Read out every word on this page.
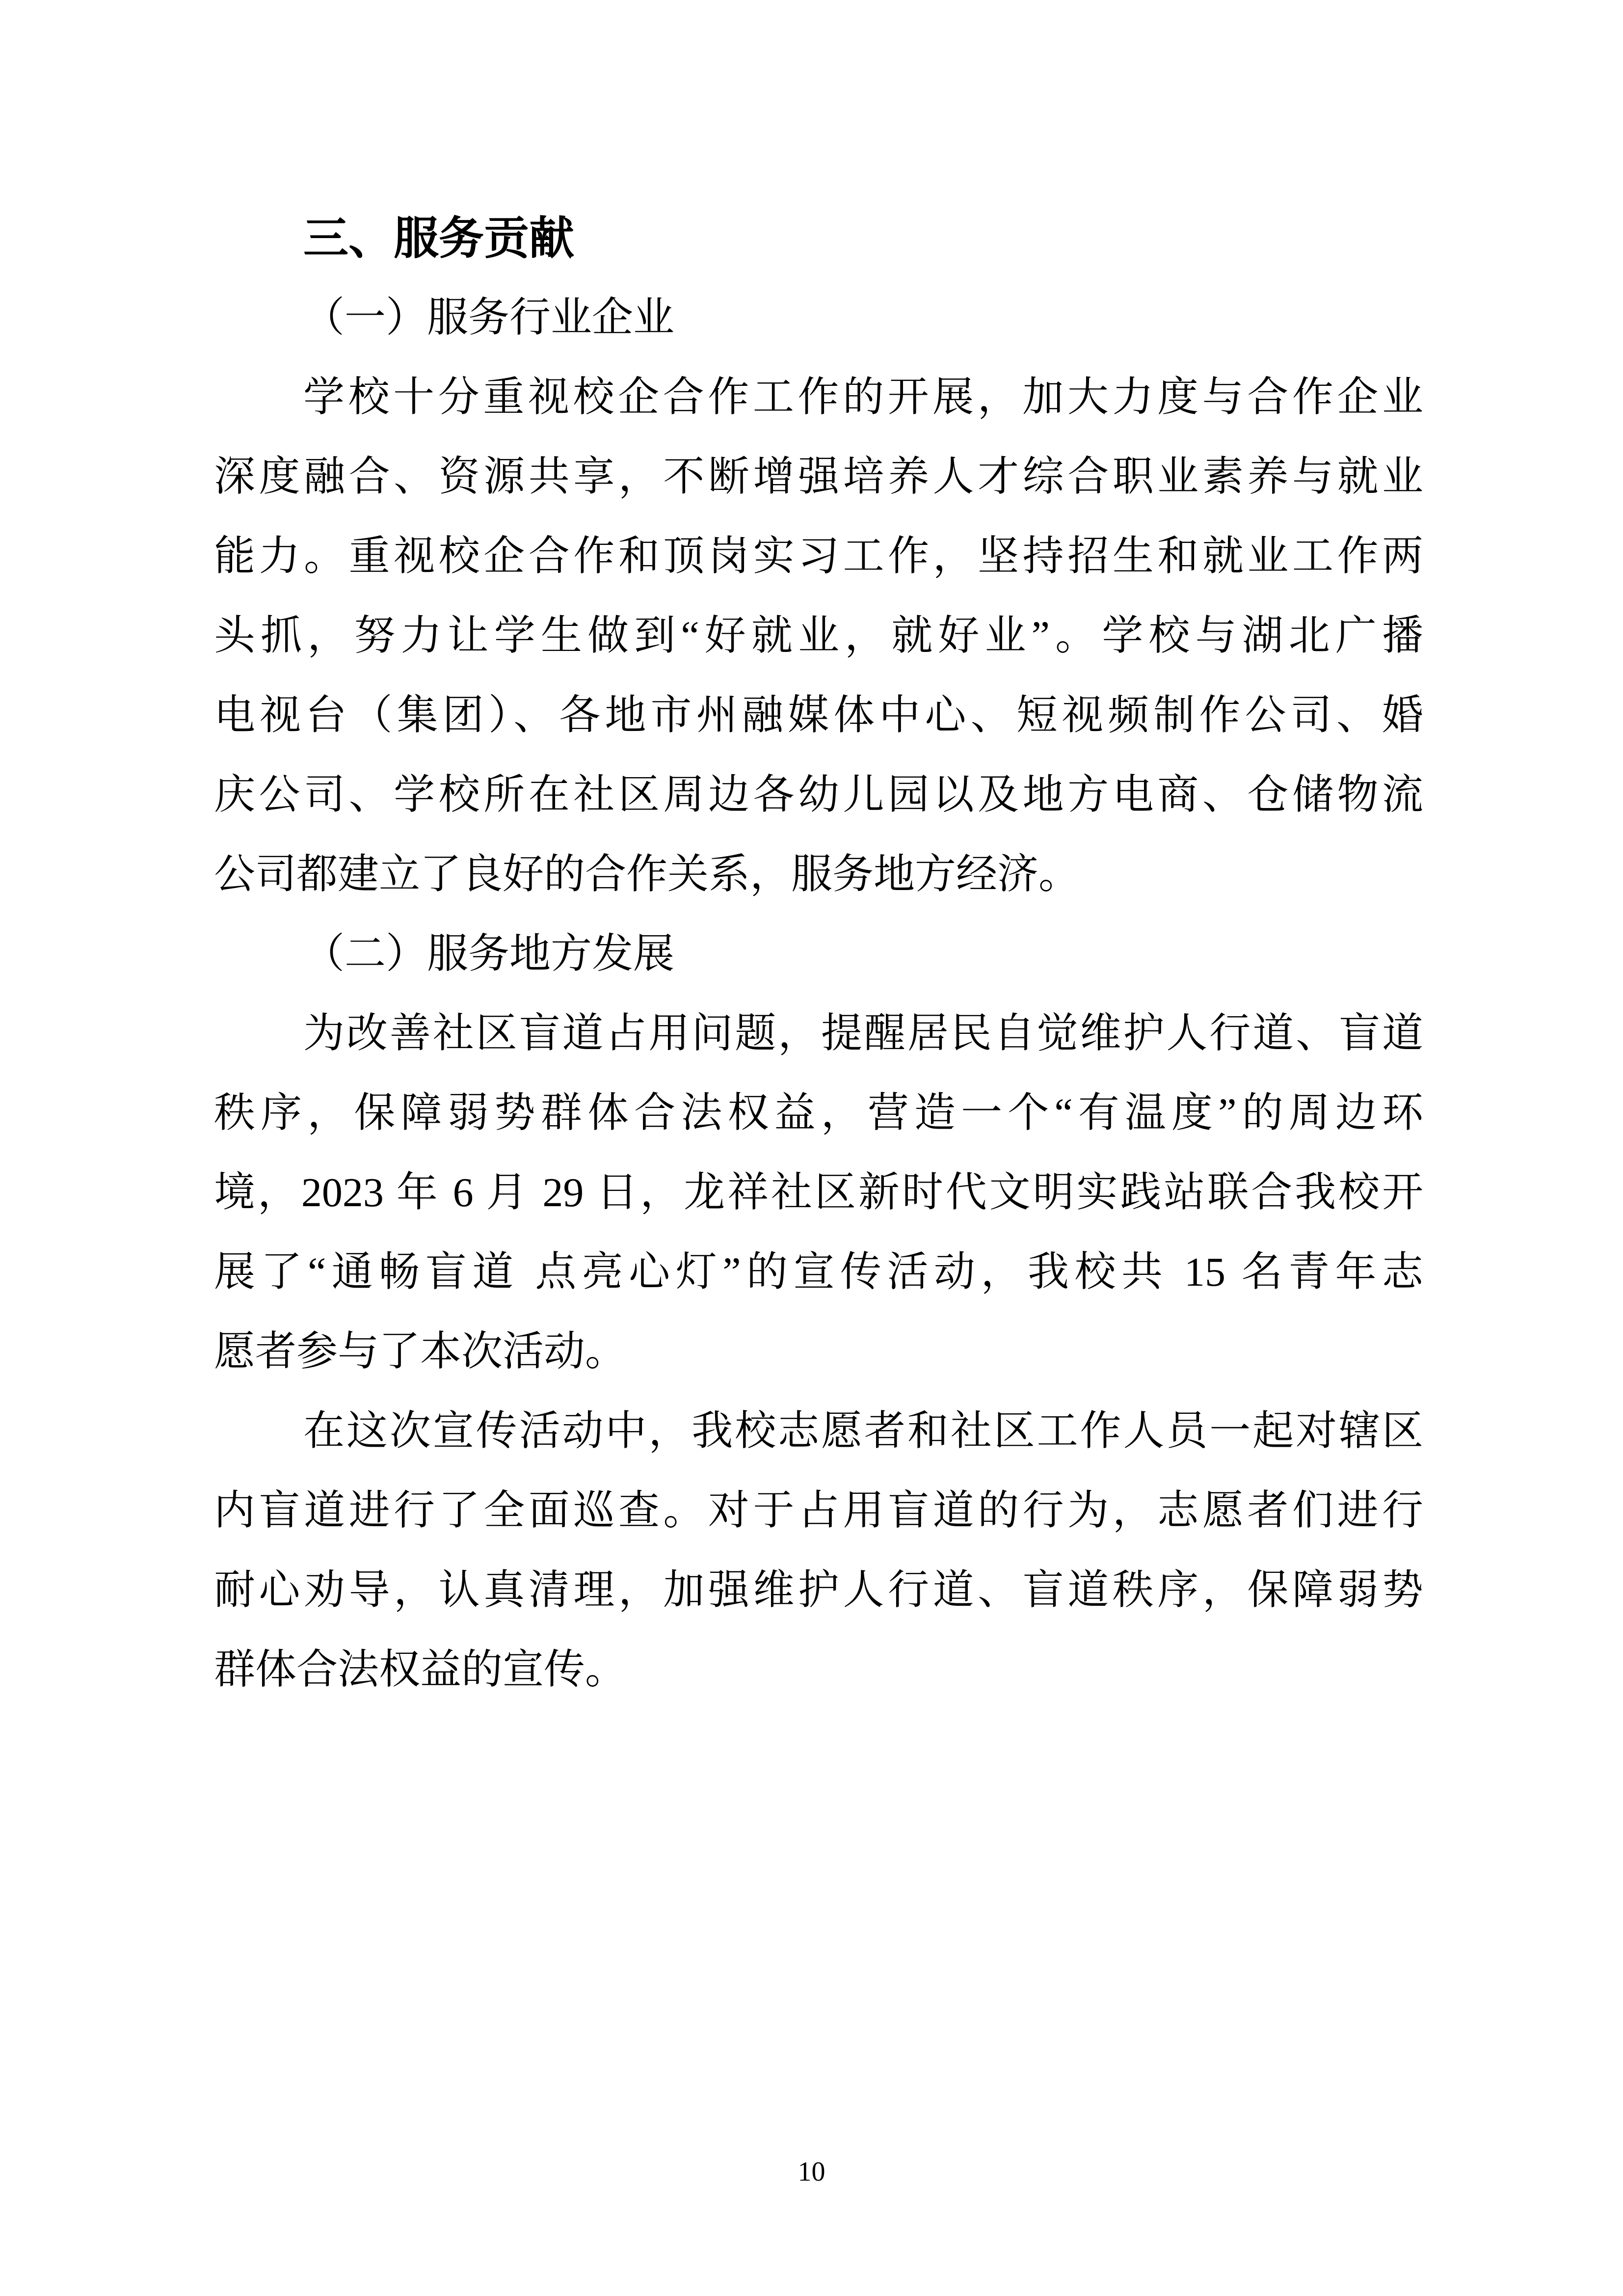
三、服务贡献
（一）服务行业企业
学校十分重视校企合作工作的开展，加大力度与合作企业
深度融合、资源共享，不断增强培养人才综合职业素养与就业
能力。重视校企合作和顶岗实习工作，坚持招生和就业工作两
头抓，努力让学生做到“好就业，就好业”。学校与湖北广播
电视台（集团）、各地市州融媒体中心、短视频制作公司、婚
庆公司、学校所在社区周边各幼儿园以及地方电商、仓储物流
公司都建立了良好的合作关系，服务地方经济。
（二）服务地方发展
为改善社区盲道占用问题，提醒居民自觉维护人行道、盲道
秩序，保障弱势群体合法权益，营造一个“有温度”的周边环
境，2023 年 6 月 29 日，龙祥社区新时代文明实践站联合我校开
展了“通畅盲道 点亮心灯”的宣传活动，我校共 15 名青年志
愿者参与了本次活动。
在这次宣传活动中，我校志愿者和社区工作人员一起对辖区
内盲道进行了全面巡查。对于占用盲道的行为，志愿者们进行
耐心劝导，认真清理，加强维护人行道、盲道秩序，保障弱势
群体合法权益的宣传。
10
